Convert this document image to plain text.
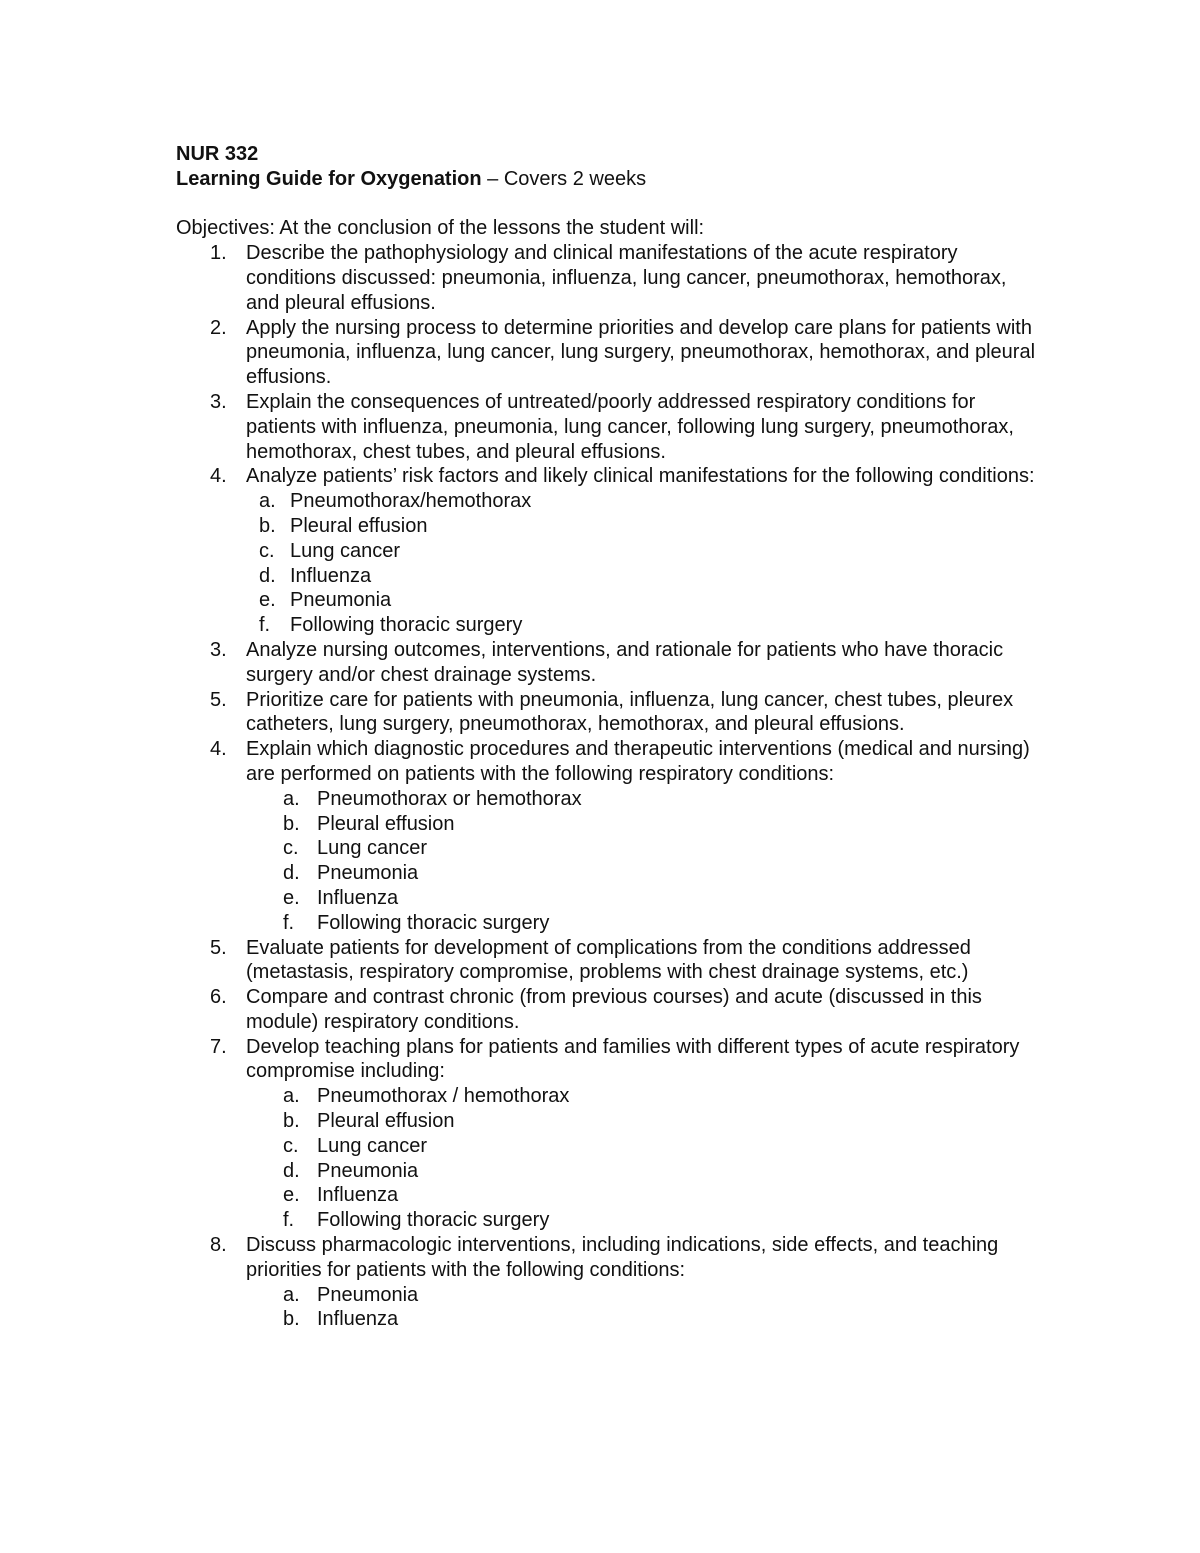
NUR 332
Learning Guide for Oxygenation – Covers 2 weeks
Objectives: At the conclusion of the lessons the student will:
1. Describe the pathophysiology and clinical manifestations of the acute respiratory conditions discussed: pneumonia, influenza, lung cancer, pneumothorax, hemothorax, and pleural effusions.
2. Apply the nursing process to determine priorities and develop care plans for patients with pneumonia, influenza, lung cancer, lung surgery, pneumothorax, hemothorax, and pleural effusions.
3. Explain the consequences of untreated/poorly addressed respiratory conditions for patients with influenza, pneumonia, lung cancer, following lung surgery, pneumothorax, hemothorax, chest tubes, and pleural effusions.
4. Analyze patients’ risk factors and likely clinical manifestations for the following conditions:
a. Pneumothorax/hemothorax
b. Pleural effusion
c. Lung cancer
d. Influenza
e. Pneumonia
f. Following thoracic surgery
3. Analyze nursing outcomes, interventions, and rationale for patients who have thoracic surgery and/or chest drainage systems.
5. Prioritize care for patients with pneumonia, influenza, lung cancer, chest tubes, pleurex catheters, lung surgery, pneumothorax, hemothorax, and pleural effusions.
4. Explain which diagnostic procedures and therapeutic interventions (medical and nursing) are performed on patients with the following respiratory conditions:
a. Pneumothorax or hemothorax
b. Pleural effusion
c. Lung cancer
d. Pneumonia
e. Influenza
f. Following thoracic surgery
5. Evaluate patients for development of complications from the conditions addressed (metastasis, respiratory compromise, problems with chest drainage systems, etc.)
6. Compare and contrast chronic (from previous courses) and acute (discussed in this module) respiratory conditions.
7. Develop teaching plans for patients and families with different types of acute respiratory compromise including:
a. Pneumothorax / hemothorax
b. Pleural effusion
c. Lung cancer
d. Pneumonia
e. Influenza
f. Following thoracic surgery
8. Discuss pharmacologic interventions, including indications, side effects, and teaching priorities for patients with the following conditions:
a. Pneumonia
b. Influenza
